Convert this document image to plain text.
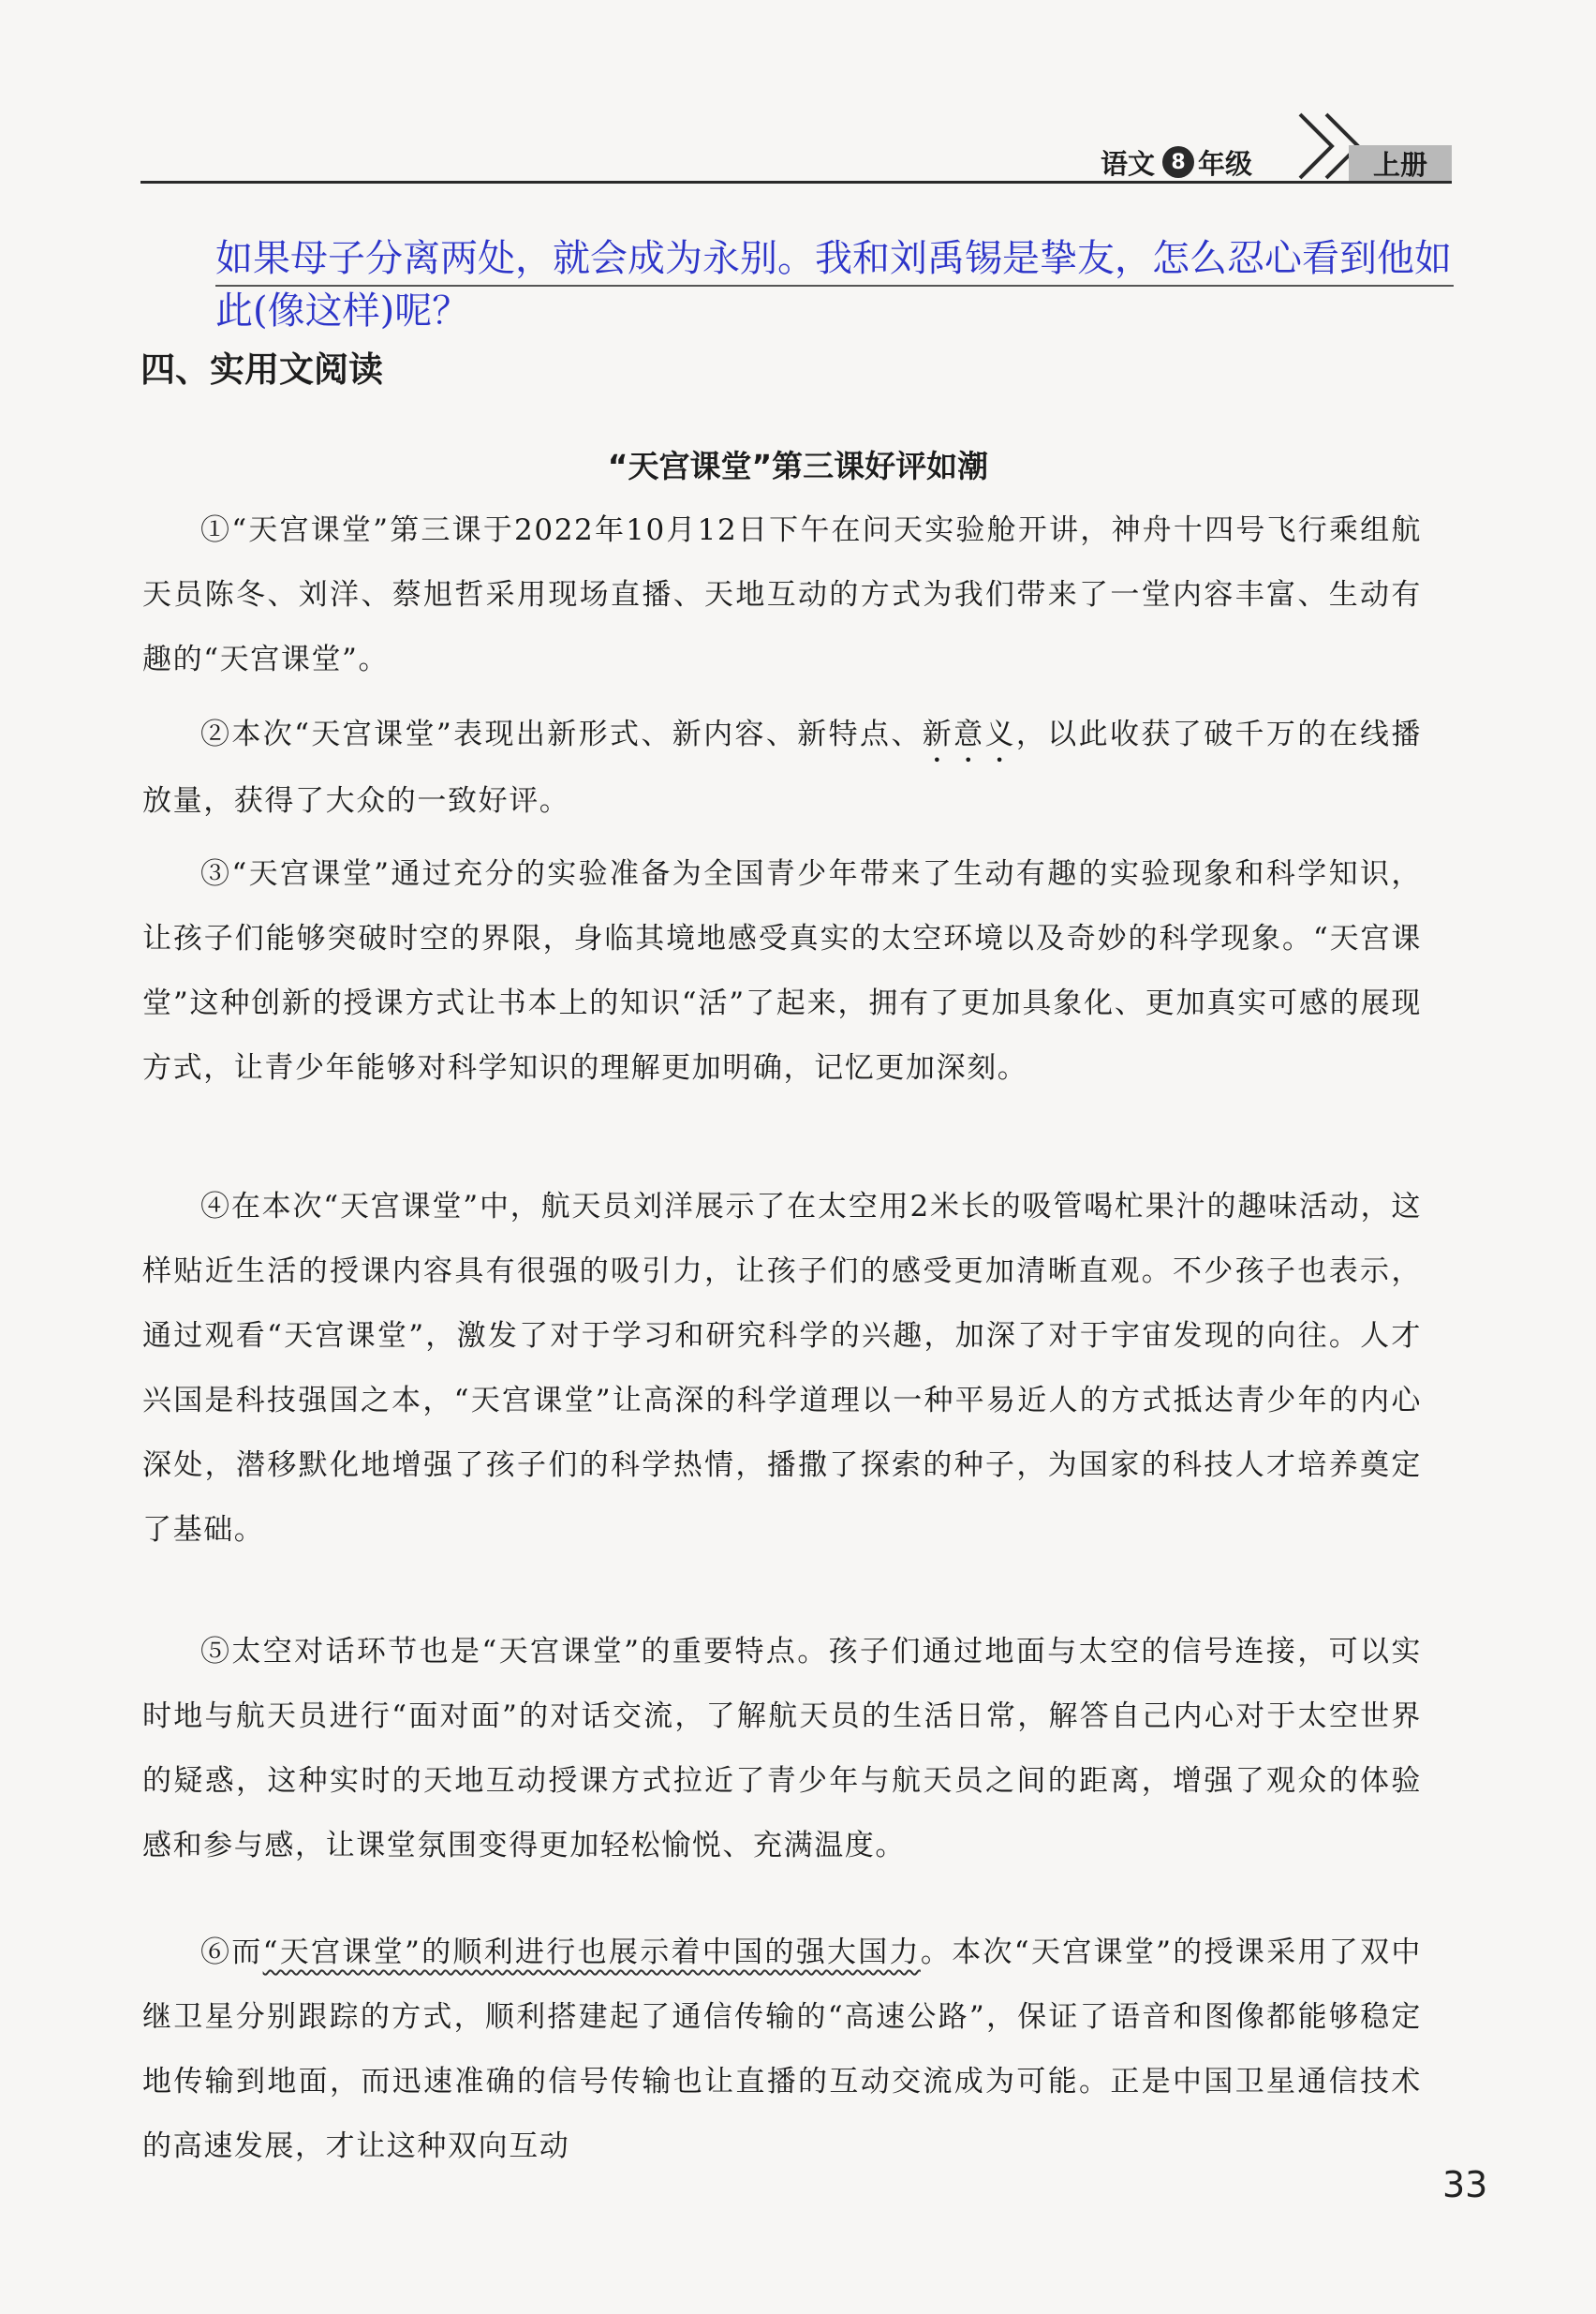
语文 8 年级	上册
如果母子分离两处，就会成为永别。我和刘禹锡是挚友，怎么忍心看到他如此(像这样)呢？
四、实用文阅读
“天宫课堂”第三课好评如潮
①“天宫课堂”第三课于2022年10月12日下午在问天实验舱开讲，神舟十四号飞行乘组航天员陈冬、刘洋、蔡旭哲采用现场直播、天地互动的方式为我们带来了一堂内容丰富、生动有趣的“天宫课堂”。
②本次“天宫课堂”表现出新形式、新内容、新特点、新意义，以此收获了破千万的在线播放量，获得了大众的一致好评。
③“天宫课堂”通过充分的实验准备为全国青少年带来了生动有趣的实验现象和科学知识，让孩子们能够突破时空的界限，身临其境地感受真实的太空环境以及奇妙的科学现象。“天宫课堂”这种创新的授课方式让书本上的知识“活”了起来，拥有了更加具象化、更加真实可感的展现方式，让青少年能够对科学知识的理解更加明确，记忆更加深刻。
④在本次“天宫课堂”中，航天员刘洋展示了在太空用2米长的吸管喝杧果汁的趣味活动，这样贴近生活的授课内容具有很强的吸引力，让孩子们的感受更加清晰直观。不少孩子也表示，通过观看“天宫课堂”，激发了对于学习和研究科学的兴趣，加深了对于宇宙发现的向往。人才兴国是科技强国之本，“天宫课堂”让高深的科学道理以一种平易近人的方式抵达青少年的内心深处，潜移默化地增强了孩子们的科学热情，播撒了探索的种子，为国家的科技人才培养奠定了基础。
⑤太空对话环节也是“天宫课堂”的重要特点。孩子们通过地面与太空的信号连接，可以实时地与航天员进行“面对面”的对话交流，了解航天员的生活日常，解答自己内心对于太空世界的疑惑，这种实时的天地互动授课方式拉近了青少年与航天员之间的距离，增强了观众的体验感和参与感，让课堂氛围变得更加轻松愉悦、充满温度。
⑥而“天宫课堂”的顺利进行也展示着中国的强大国力。本次“天宫课堂”的授课采用了双中继卫星分别跟踪的方式，顺利搭建起了通信传输的“高速公路”，保证了语音和图像都能够稳定地传输到地面，而迅速准确的信号传输也让直播的互动交流成为可能。正是中国卫星通信技术的高速发展，才让这种双向互动
33
